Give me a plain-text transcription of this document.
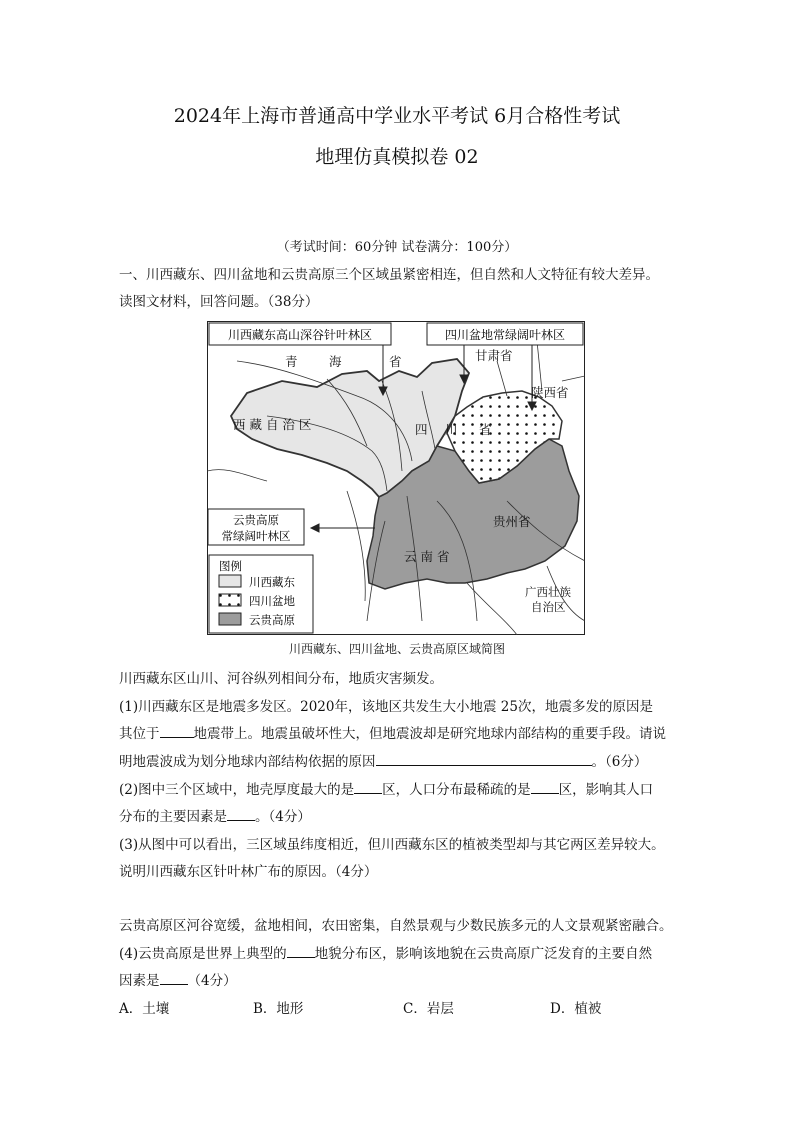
2024年上海市普通高中学业水平考试 6月合格性考试
地理仿真模拟卷 02
（考试时间：60分钟 试卷满分：100分）
一、川西藏东、四川盆地和云贵高原三个区域虽紧密相连，但自然和人文特征有较大差异。
读图文材料，回答问题。（38分）
川西藏东高山深谷针叶林区	四川盆地常绿阔叶林区
云贵高原
常绿阔叶林区
青	海	省	甘肃省
陕西省
西 藏 自 治 区	四 川 省
贵州省
云 南 省
广西壮族
自治区
图例
川西藏东
四川盆地
云贵高原
川西藏东、四川盆地、云贵高原区域简图
川西藏东区山川、河谷纵列相间分布，地质灾害频发。
(1)川西藏东区是地震多发区。2020年，该地区共发生大小地震 25次，地震多发的原因是
其位于	地震带上。地震虽破坏性大，但地震波却是研究地球内部结构的重要手段。请说
明地震波成为划分地球内部结构依据的原因	。（6分）
(2)图中三个区域中，地壳厚度最大的是 区，人口分布最稀疏的是 区，影响其人口
分布的主要因素是 。（4分）
(3)从图中可以看出，三区域虽纬度相近，但川西藏东区的植被类型却与其它两区差异较大。
说明川西藏东区针叶林广布的原因。（4分）
云贵高原区河谷宽缓，盆地相间，农田密集，自然景观与少数民族多元的人文景观紧密融合。
(4)云贵高原是世界上典型的 地貌分布区，影响该地貌在云贵高原广泛发育的主要自然
因素是 （4分）
A．土壤	B．地形	C．岩层	D．植被
